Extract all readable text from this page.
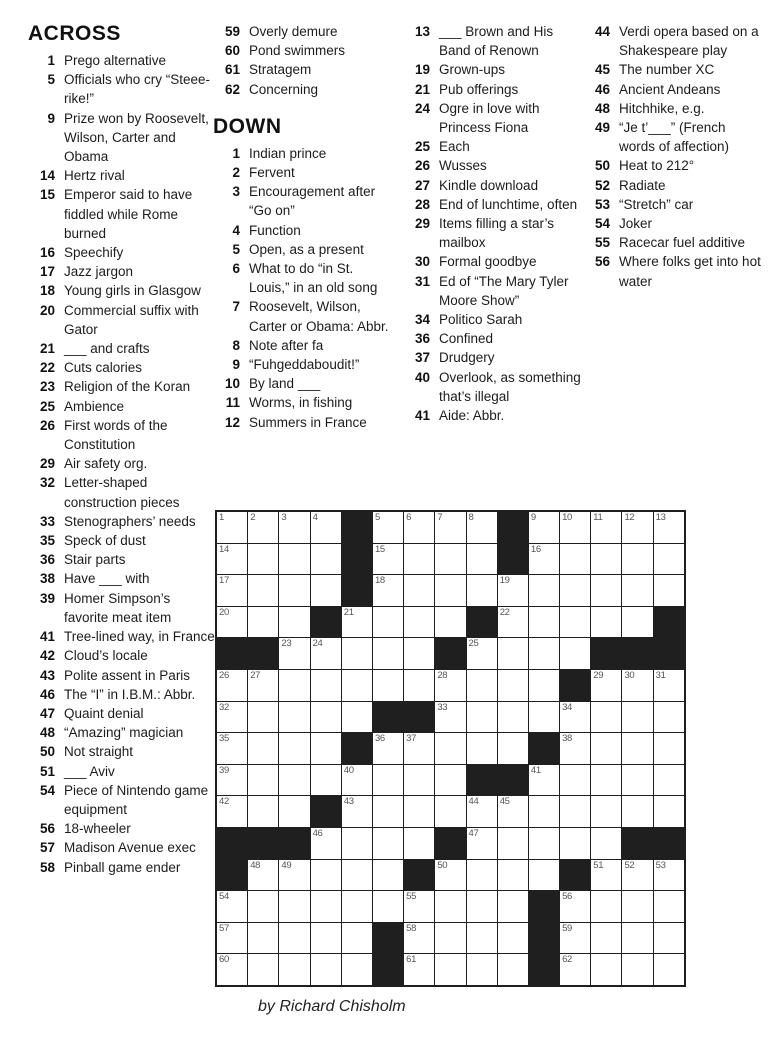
ACROSS
1 Prego alternative
5 Officials who cry “Steee-rike!”
9 Prize won by Roosevelt, Wilson, Carter and Obama
14 Hertz rival
15 Emperor said to have fiddled while Rome burned
16 Speechify
17 Jazz jargon
18 Young girls in Glasgow
20 Commercial suffix with Gator
21 ___ and crafts
22 Cuts calories
23 Religion of the Koran
25 Ambience
26 First words of the Constitution
29 Air safety org.
32 Letter-shaped construction pieces
33 Stenographers’ needs
35 Speck of dust
36 Stair parts
38 Have ___ with
39 Homer Simpson’s favorite meat item
41 Tree-lined way, in France
42 Cloud’s locale
43 Polite assent in Paris
46 The “I” in I.B.M.: Abbr.
47 Quaint denial
48 “Amazing” magician
50 Not straight
51 ___ Aviv
54 Piece of Nintendo game equipment
56 18-wheeler
57 Madison Avenue exec
58 Pinball game ender
59 Overly demure
60 Pond swimmers
61 Stratagem
62 Concerning
DOWN
1 Indian prince
2 Fervent
3 Encouragement after “Go on”
4 Function
5 Open, as a present
6 What to do “in St. Louis,” in an old song
7 Roosevelt, Wilson, Carter or Obama: Abbr.
8 Note after fa
9 “Fuhgeddaboudit!”
10 By land ___
11 Worms, in fishing
12 Summers in France
13 ___ Brown and His Band of Renown
19 Grown-ups
21 Pub offerings
24 Ogre in love with Princess Fiona
25 Each
26 Wusses
27 Kindle download
28 End of lunchtime, often
29 Items filling a star’s mailbox
30 Formal goodbye
31 Ed of “The Mary Tyler Moore Show”
34 Politico Sarah
36 Confined
37 Drudgery
40 Overlook, as something that’s illegal
41 Aide: Abbr.
44 Verdi opera based on a Shakespeare play
45 The number XC
46 Ancient Andeans
48 Hitchhike, e.g.
49 “Je t’___” (French words of affection)
50 Heat to 212°
52 Radiate
53 “Stretch” car
54 Joker
55 Racecar fuel additive
56 Where folks get into hot water
1	2	3	4	5	6	7	8	9	10 11 12 13
14	15	16
17	18	19
20	21	22
23 24	25
26 27	28	29 30 31
32	33	34
35	36 37	38
39	40	41
42	43	44 45
46	47
48 49	50	51 52 53
54	55	56
57	58	59
60	61	62
by Richard Chisholm
